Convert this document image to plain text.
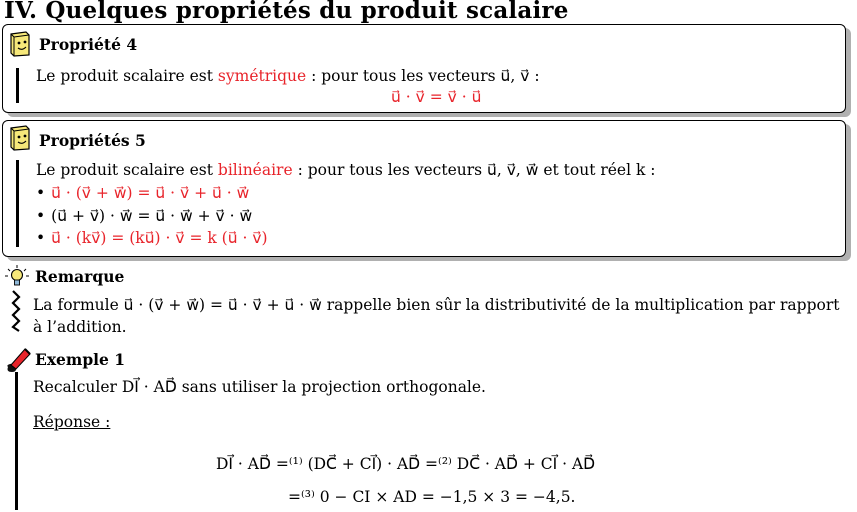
IV. Quelques propriétés du produit scalaire
Propriété 4
Le produit scalaire est symétrique : pour tous les vecteurs u⃗, v⃗ :
u⃗ · v⃗ = v⃗ · u⃗
Propriétés 5
Le produit scalaire est bilinéaire : pour tous les vecteurs u⃗, v⃗, w⃗ et tout réel k :
• u⃗ · (v⃗ + w⃗) = u⃗ · v⃗ + u⃗ · w⃗
• (u⃗ + v⃗) · w⃗ = u⃗ · w⃗ + v⃗ · w⃗
• u⃗ · (kv⃗) = (ku⃗) · v⃗ = k (u⃗ · v⃗)
Remarque
La formule u⃗ · (v⃗ + w⃗) = u⃗ · v⃗ + u⃗ · w⃗ rappelle bien sûr la distributivité de la multiplication par rapport
à l’addition.
Exemple 1
Recalculer DI⃗ · AD⃗ sans utiliser la projection orthogonale.
Réponse :
DI⃗ · AD⃗ =⁽¹⁾ (DC⃗ + CI⃗) · AD⃗ =⁽²⁾ DC⃗ · AD⃗ + CI⃗ · AD⃗
=⁽³⁾ 0 − CI × AD = −1,5 × 3 = −4,5.
